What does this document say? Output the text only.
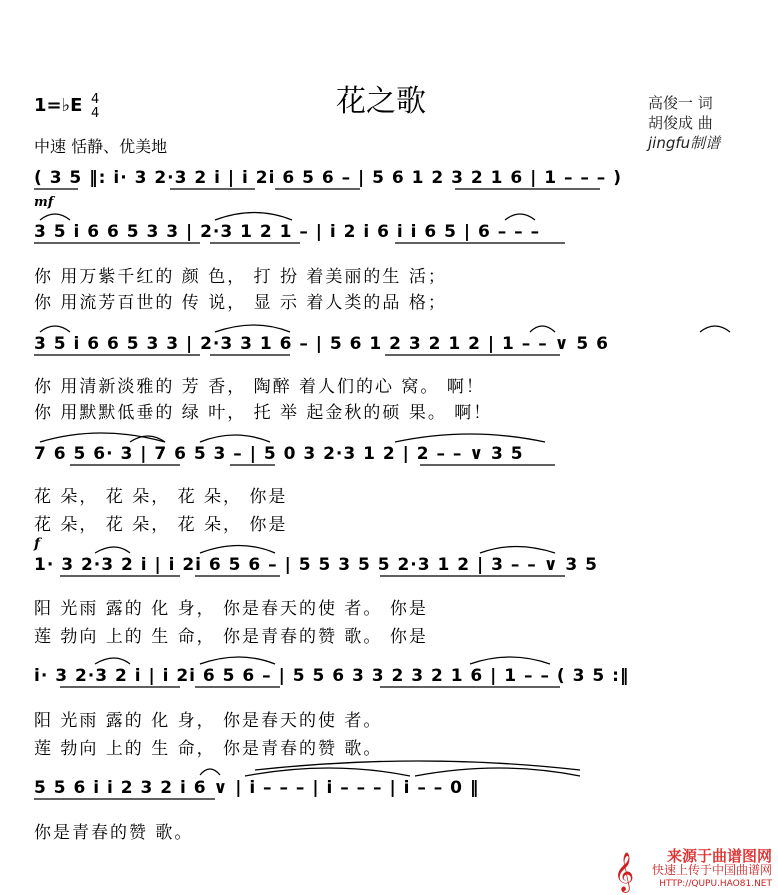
花之歌
1=♭E 4
4
中速 恬静、优美地
高俊一 词
胡俊成 曲
jingfu制谱
mf
f
( 3 5 ‖: i· 3 2·3 2 i | i 2i 6 5 6 – | 5 6 1 2 3 2 1 6 | 1 – – – )
3 5 i 6 6 5 3 3 | 2·3 1 2 1 – | i 2 i 6 i i 6 5 | 6 – – –
3 5 i 6 6 5 3 3 | 2·3 3 1 6 – | 5 6 1 2 3 2 1 2 | 1 – – ∨ 5 6
7 6 5 6· 3 | 7 6 5 3 – | 5 0 3 2·3 1 2 | 2 – – ∨ 3 5
1· 3 2·3 2 i | i 2i 6 5 6 – | 5 5 3 5 5 2·3 1 2 | 3 – – ∨ 3 5
i· 3 2·3 2 i | i 2i 6 5 6 – | 5 5 6 3 3 2 3 2 1 6 | 1 – – ( 3 5 :‖
5 5 6 i i 2 3 2 i 6 ∨ | i – – – | i – – – | i – – 0 ‖
你 用万紫千红的 颜 色， 打 扮 着美丽的生 活；
你 用流芳百世的 传 说， 显 示 着人类的品 格；
你 用清新淡雅的 芳 香， 陶醉 着人们的心 窝。 啊！
你 用默默低垂的 绿 叶， 托 举 起金秋的硕 果。 啊！
花 朵， 花 朵， 花 朵， 你是
花 朵， 花 朵， 花 朵， 你是
阳 光雨 露的 化 身， 你是春天的使 者。 你是
莲 勃向 上的 生 命， 你是青春的赞 歌。 你是
阳 光雨 露的 化 身， 你是春天的使 者。
莲 勃向 上的 生 命， 你是青春的赞 歌。
你是青春的赞 歌。
𝄞	来源于曲谱图网
快速上传于中国曲谱网
HTTP://QUPU.HAO81.NET
